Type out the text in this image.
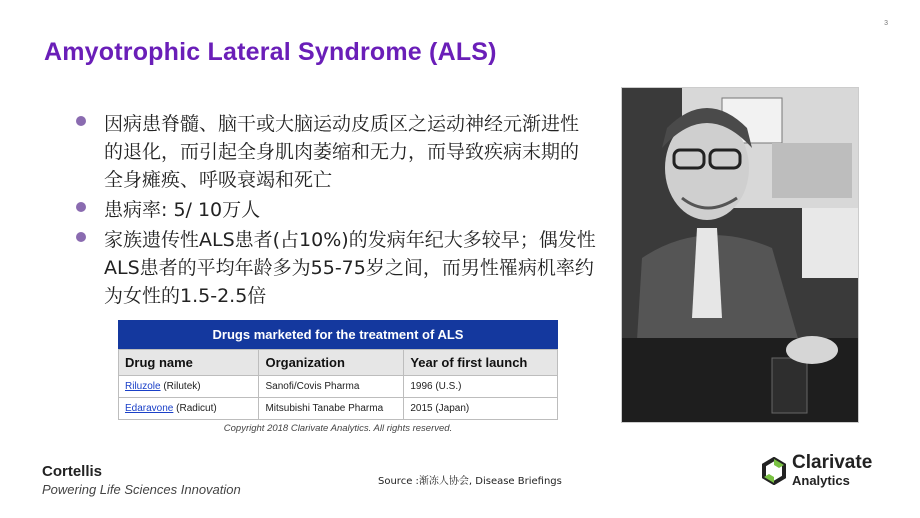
3
Amyotrophic Lateral Syndrome (ALS)
因病患脊髓、脑干或大脑运动皮质区之运动神经元渐进性的退化，而引起全身肌肉萎缩和无力，而导致疾病末期的全身瘫痪、呼吸衰竭和死亡
患病率: 5/ 10万人
家族遗传性ALS患者(占10%)的发病年纪大多较早；偶发性ALS患者的平均年龄多为55-75岁之间，而男性罹病机率约为女性的1.5-2.5倍
Drugs marketed for the treatment of ALS
Drug name	Organization	Year of first launch
Riluzole (Rilutek)	Sanofi/Covis Pharma	1996 (U.S.)
Edaravone (Radicut)	Mitsubishi Tanabe Pharma	2015 (Japan)
Copyright 2018 Clarivate Analytics. All rights reserved.
Cortellis
Powering Life Sciences Innovation
Source :渐冻人协会, Disease Briefings
Clarivate
Analytics
